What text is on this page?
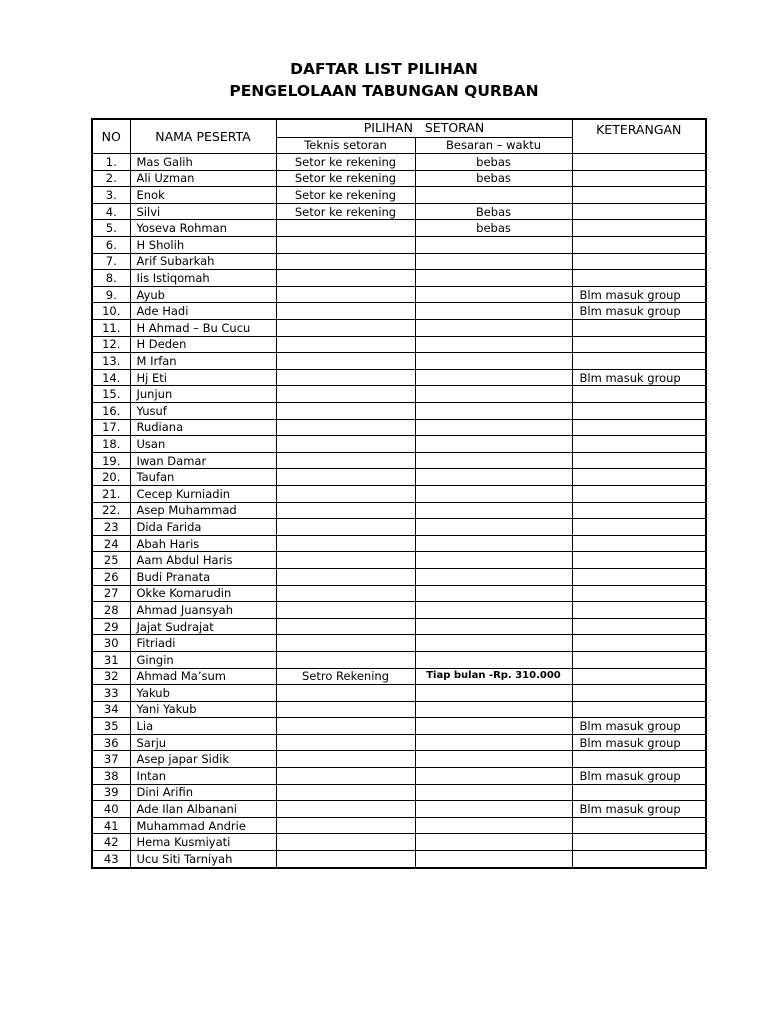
DAFTAR LIST PILIHAN
PENGELOLAAN TABUNGAN QURBAN
NO	NAMA PESERTA	PILIHAN   SETORAN		KETERANGAN
		Teknis setoran	Besaran – waktu	
1.	Mas Galih	Setor ke rekening	bebas	
2.	Ali Uzman	Setor ke rekening	bebas	
3.	Enok	Setor ke rekening		
4.	Silvi	Setor ke rekening	Bebas	
5.	Yoseva Rohman		bebas	
6.	H Sholih			
7.	Arif Subarkah			
8.	Iis Istiqomah			
9.	Ayub			Blm masuk group
10.	Ade Hadi			Blm masuk group
11.	H Ahmad – Bu Cucu			
12.	H Deden			
13.	M Irfan			
14.	Hj Eti			Blm masuk group
15.	Junjun			
16.	Yusuf			
17.	Rudiana			
18.	Usan			
19.	Iwan Damar			
20.	Taufan			
21.	Cecep Kurniadin			
22.	Asep Muhammad			
23	Dida Farida			
24	Abah Haris			
25	Aam Abdul Haris			
26	Budi Pranata			
27	Okke Komarudin			
28	Ahmad Juansyah			
29	Jajat Sudrajat			
30	Fitriadi			
31	Gingin			
32	Ahmad Ma’sum	Setro Rekening	Tiap bulan -Rp. 310.000	
33	Yakub			
34	Yani Yakub			
35	Lia			Blm masuk group
36	Sarju			Blm masuk group
37	Asep japar Sidik			
38	Intan			Blm masuk group
39	Dini Arifin			
40	Ade Ilan Albanani			Blm masuk group
41	Muhammad Andrie			
42	Hema Kusmiyati			
43	Ucu Siti Tarniyah			
